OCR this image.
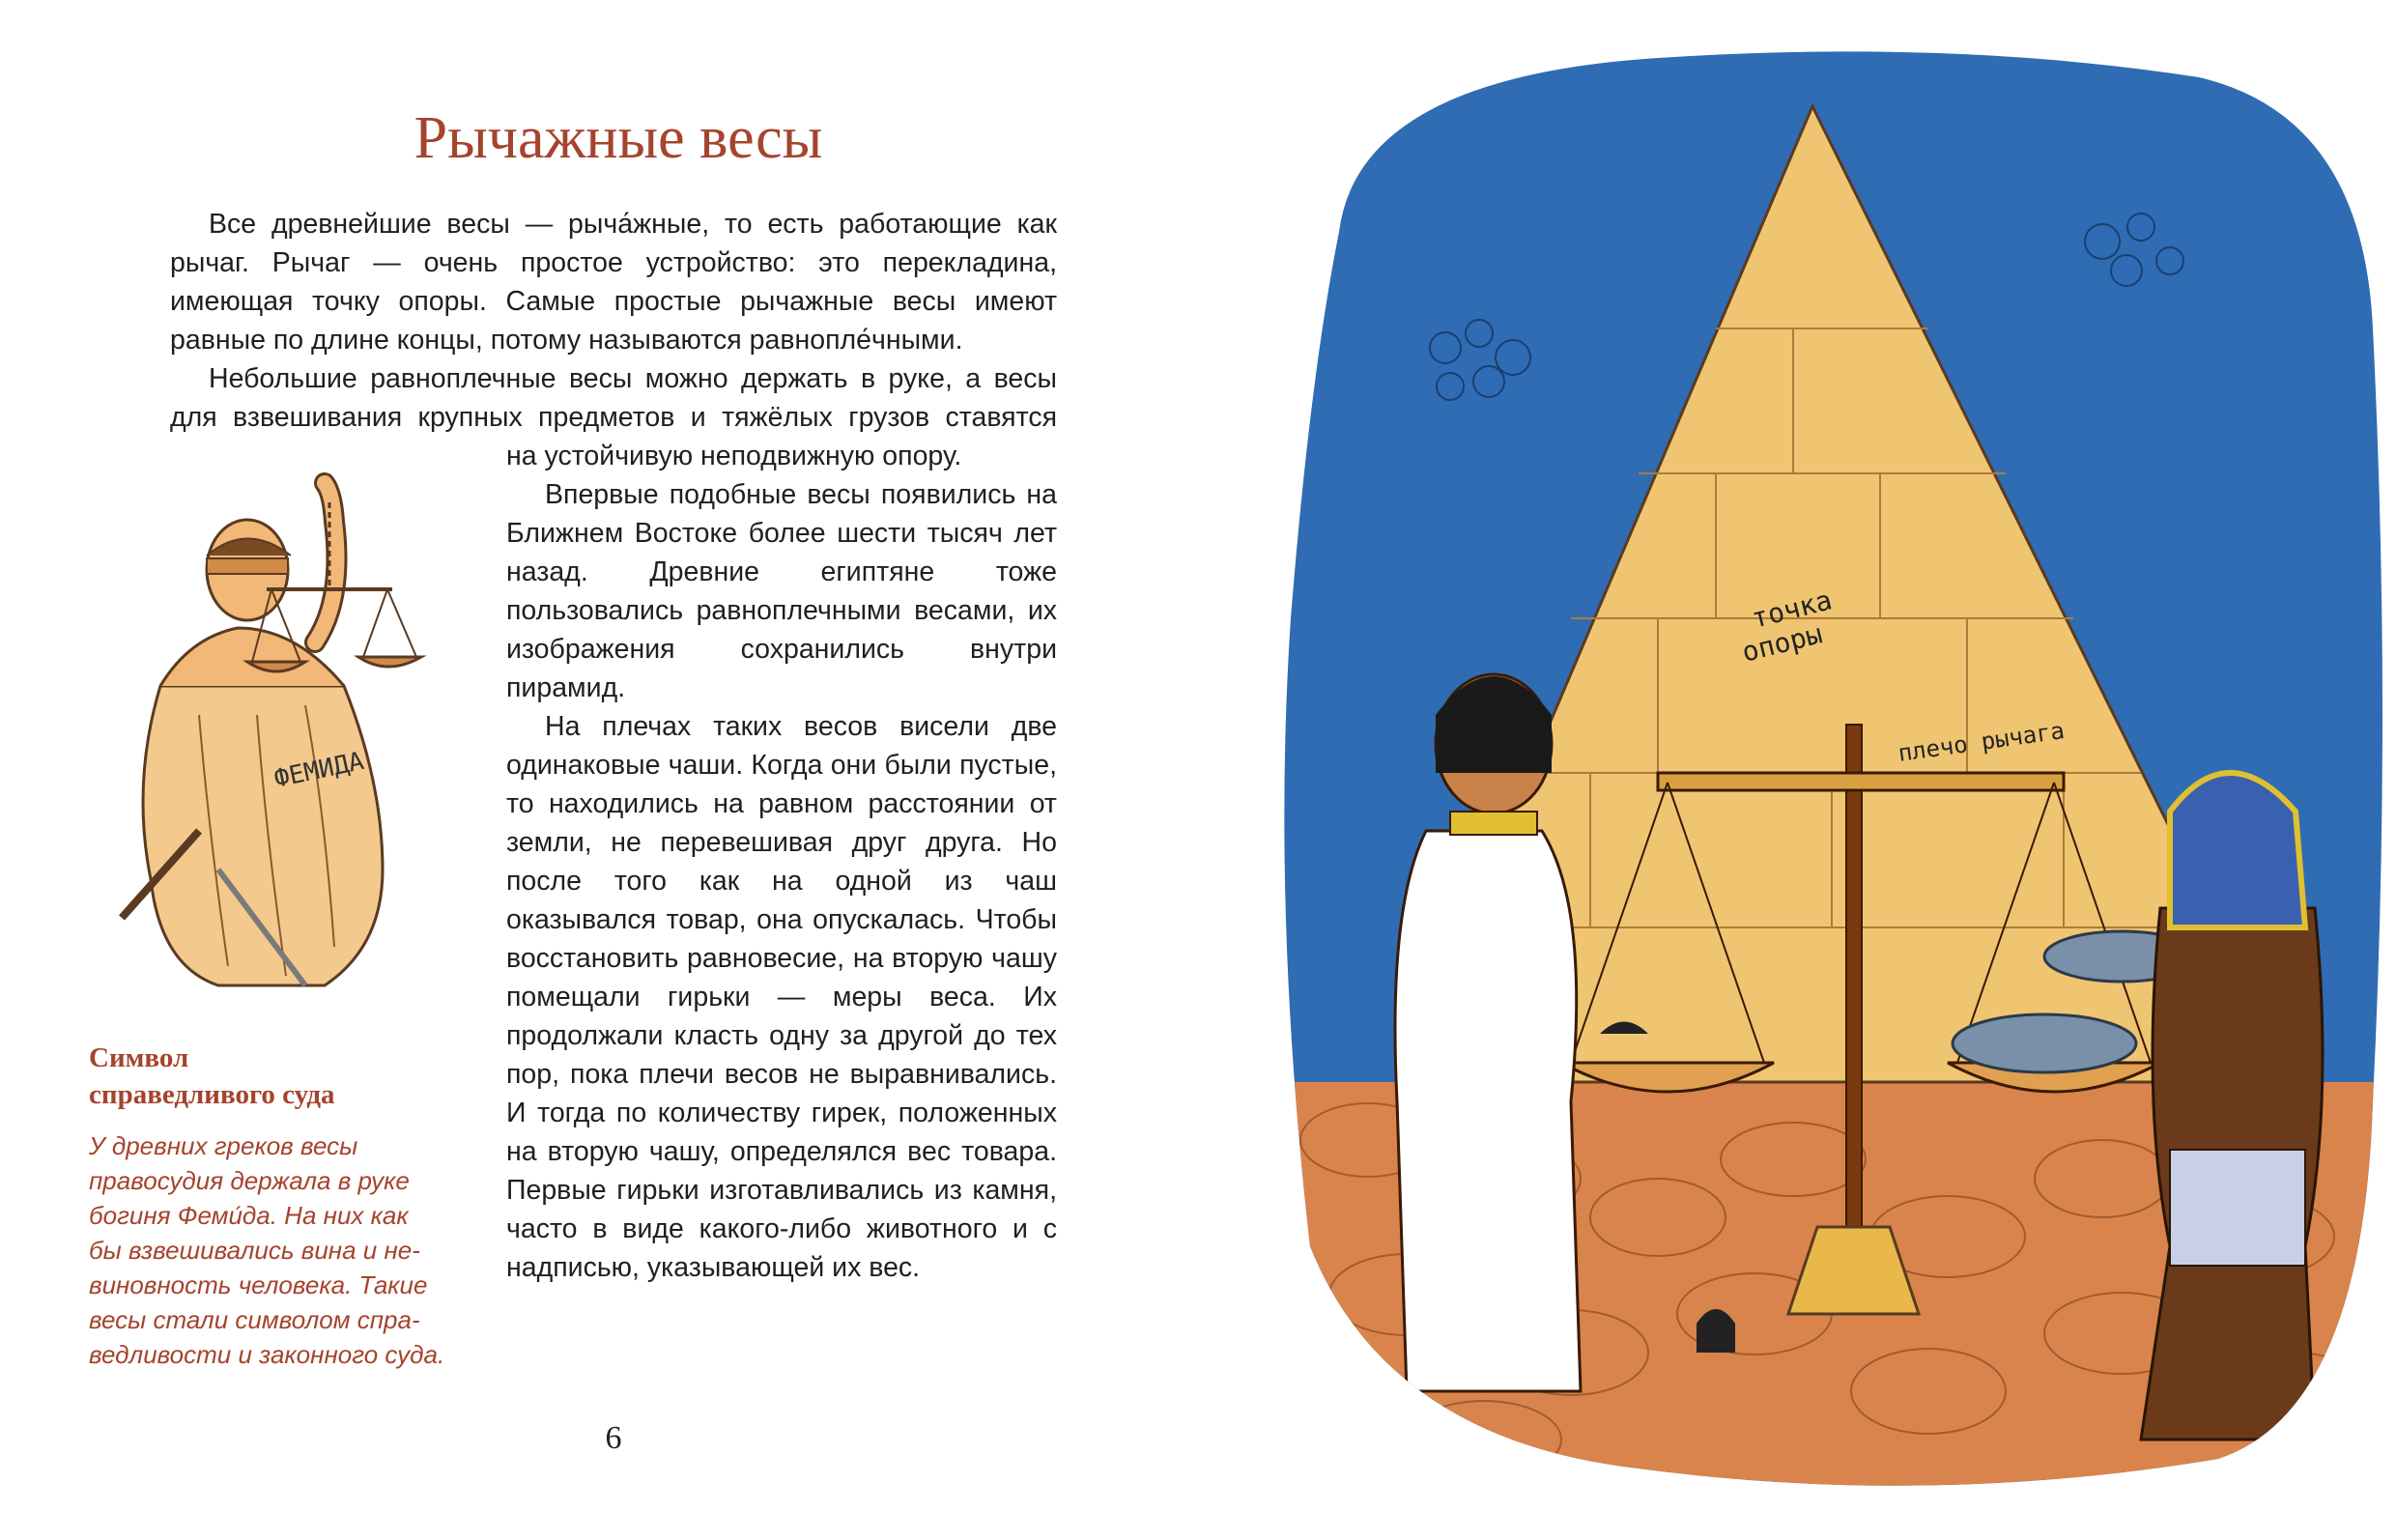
Рычажные весы

Все древнейшие весы — рыча́жные, то есть работающие как рычаг. Рычаг — очень простое устройство: это перекладина, имеющая точку опоры. Самые простые рычажные весы имеют равные по длине концы, потому называются равнопле́чными.

Небольшие равноплечные весы можно держать в руке, а весы для взвешивания крупных предметов и тяжёлых грузов ставятся

на устойчивую неподвижную опору.

Впервые подобные весы появились на Ближнем Востоке более шести тысяч лет назад. Древние египтяне тоже пользовались равноплечными весами, их изображения сохранились внутри пирамид.

На плечах таких весов висели две одинаковые чаши. Когда они были пустые, то находились на равном расстоянии от земли, не перевешивая друг друга. Но после того как на одной из чаш оказывался товар, она опускалась. Чтобы восстановить равновесие, на вторую чашу помещали гирьки — меры веса. Их продолжали класть одну за другой до тех пор, пока плечи весов не выравнивались. И тогда по количеству гирек, положенных на вторую чашу, определялся вес товара. Первые гирьки изготавливались из камня, часто в виде какого-либо животного и с надписью, указывающей их вес.

ФЕМИДА
Символ
справедливого суда
У древних греков весы
правосудия держала в руке
богиня Феми́да. На них как
бы взвешивались вина и не-
виновность человека. Такие
весы стали символом спра-
ведливости и законного суда.
6
точка
опоры
плечо рычага
